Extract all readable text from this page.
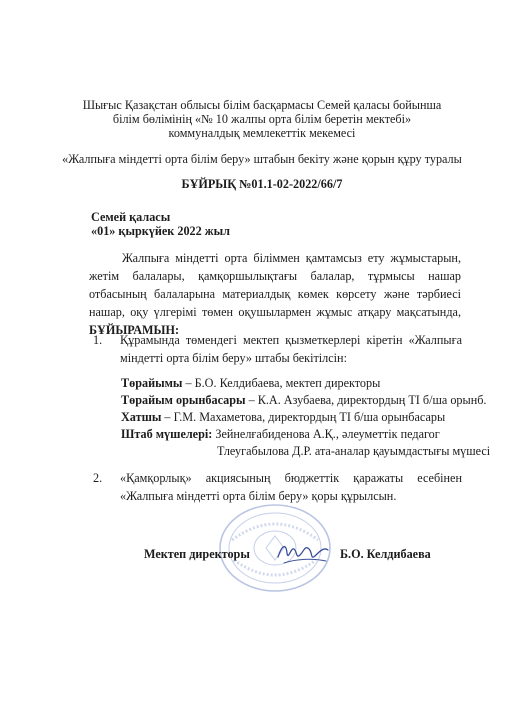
Шығыс Қазақстан облысы білім басқармасы Семей қаласы бойынша
білім бөлімінің «№ 10 жалпы орта білім беретін мектебі»
коммуналдық мемлекеттік мекемесі
«Жалпыға міндетті орта білім беру» штабын бекіту және қорын құру туралы
БҰЙРЫҚ №01.1-02-2022/66/7
Семей қаласы
«01» қыркүйек 2022 жыл
Жалпыға міндетті орта біліммен қамтамсыз ету жұмыстарын, жетім балалары, қамқоршылықтағы балалар, тұрмысы нашар отбасының балаларына материалдық көмек көрсету және тәрбиесі нашар, оқу үлгерімі төмен оқушылармен жұмыс атқару мақсатында, БҰЙЫРАМЫН:
1. Құрамында төмендегі мектеп қызметкерлері кіретін «Жалпыға міндетті орта білім беру» штабы бекітілсін:
Төрайымы – Б.О. Келдибаева, мектеп директоры
Төрайым орынбасары – К.А. Азубаева, директордың ТІ б/ша орынб.
Хатшы – Г.М. Махаметова, директордың ТІ б/ша орынбасары
Штаб мүшелері: Зейнелғабиденова А.Қ., әлеуметтік педагог
Тлеугабылова Д.Р. ата-аналар қауымдастығы мүшесі
2. «Қамқорлық» акциясының бюджеттік қаражаты есебінен «Жалпыға міндетті орта білім беру» қоры құрылсын.
Мектеп директоры	Б.О. Келдибаева
